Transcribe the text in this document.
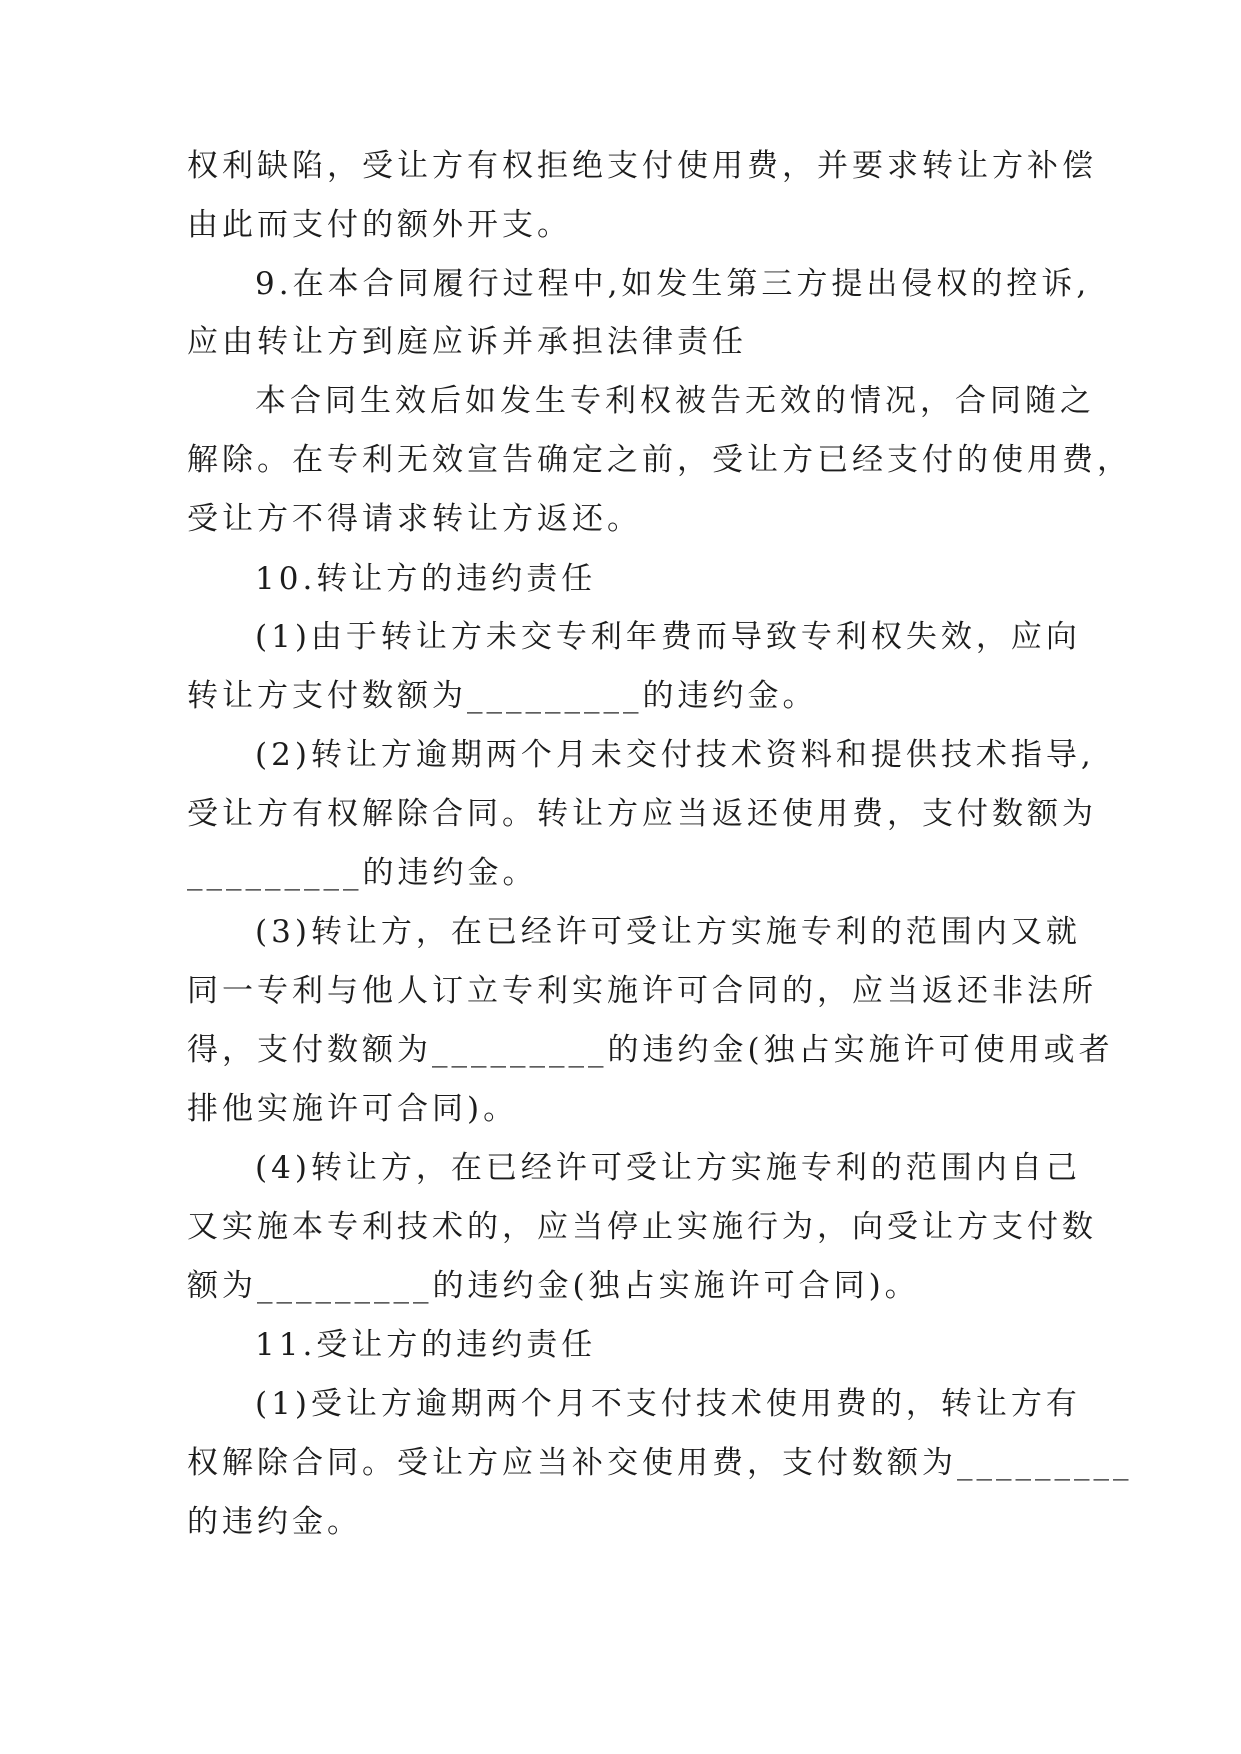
权利缺陷，受让方有权拒绝支付使用费，并要求转让方补偿
由此而支付的额外开支。
9.在本合同履行过程中,如发生第三方提出侵权的控诉,
应由转让方到庭应诉并承担法律责任
本合同生效后如发生专利权被告无效的情况，合同随之
解除。在专利无效宣告确定之前，受让方已经支付的使用费，
受让方不得请求转让方返还。
10.转让方的违约责任
(1)由于转让方未交专利年费而导致专利权失效，应向
转让方支付数额为_________的违约金。
(2)转让方逾期两个月未交付技术资料和提供技术指导,
受让方有权解除合同。转让方应当返还使用费，支付数额为
_________的违约金。
(3)转让方，在已经许可受让方实施专利的范围内又就
同一专利与他人订立专利实施许可合同的，应当返还非法所
得，支付数额为_________的违约金(独占实施许可使用或者
排他实施许可合同)。
(4)转让方，在已经许可受让方实施专利的范围内自己
又实施本专利技术的，应当停止实施行为，向受让方支付数
额为_________的违约金(独占实施许可合同)。
11.受让方的违约责任
(1)受让方逾期两个月不支付技术使用费的，转让方有
权解除合同。受让方应当补交使用费，支付数额为_________
的违约金。
